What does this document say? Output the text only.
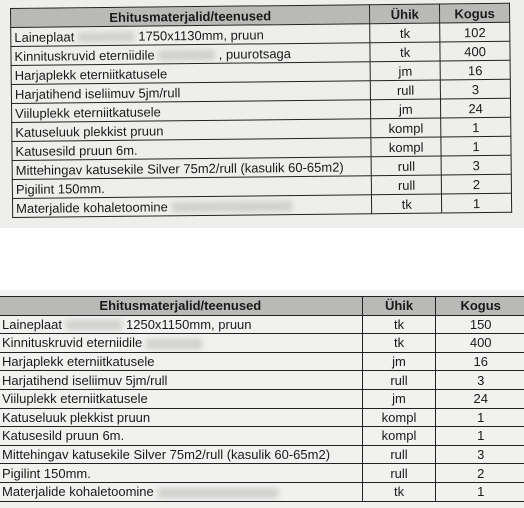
Ehitusmaterjalid/teenused	Ühik	Kogus
Laineplaat 1750x1130mm, pruun	tk	102
Kinnituskruvid eterniidile , puurotsaga	tk	400
Harjaplekk eterniitkatusele	jm	16
Harjatihend iseliimuv 5jm/rull	rull	3
Viiluplekk eterniitkatusele	jm	24
Katuseluuk plekkist pruun	kompl	1
Katusesild pruun 6m.	kompl	1
Mittehingav katusekile Silver 75m2/rull (kasulik 60-65m2)	rull	3
Pigilint 150mm.	rull	2
Materjalide kohaletoomine	tk	1
Ehitusmaterjalid/teenused	Ühik	Kogus
Laineplaat 1250x1150mm, pruun	tk	150
Kinnituskruvid eterniidile	tk	400
Harjaplekk eterniitkatusele	jm	16
Harjatihend iseliimuv 5jm/rull	rull	3
Viiluplekk eterniitkatusele	jm	24
Katuseluuk plekkist pruun	kompl	1
Katusesild pruun 6m.	kompl	1
Mittehingav katusekile Silver 75m2/rull (kasulik 60-65m2)	rull	3
Pigilint 150mm.	rull	2
Materjalide kohaletoomine	tk	1
